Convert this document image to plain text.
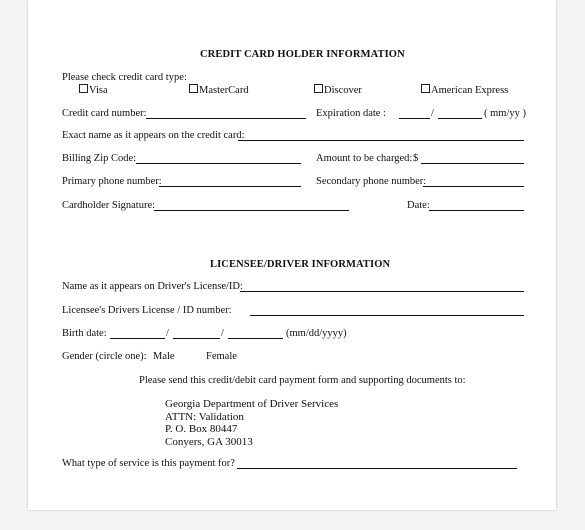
CREDIT CARD HOLDER INFORMATION
Please check credit card type:
Visa	MasterCard	Discover	American Express
Credit card number:	Expiration date :	/	( mm/yy )
Exact name as it appears on the credit card:
Billing Zip Code:	Amount to be charged: $
Primary phone number:	Secondary phone number:
Cardholder Signature:	Date:
LICENSEE/DRIVER INFORMATION
Name as it appears on Driver's License/ID:
Licensee's Drivers License / ID number:
Birth date:	/	/	(mm/dd/yyyy)
Gender (circle one): Male	Female
Please send this credit/debit card payment form and supporting documents to:
Georgia Department of Driver Services
ATTN: Validation
P. O. Box 80447
Conyers, GA 30013
What type of service is this payment for?
